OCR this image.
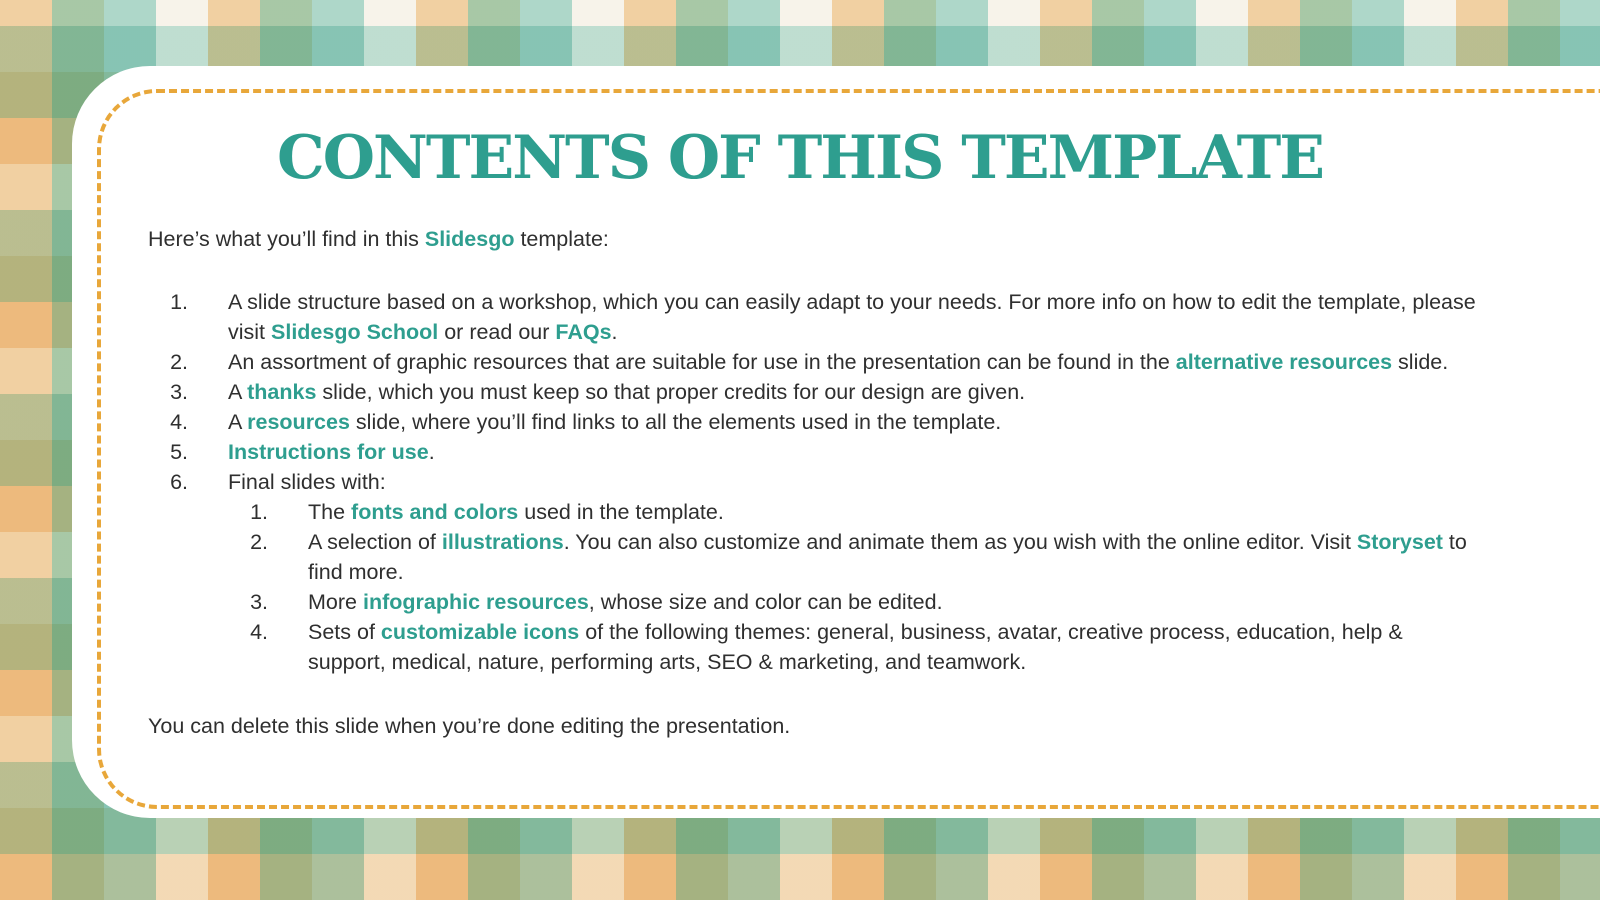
CONTENTS OF THIS TEMPLATE

Here’s what you’ll find in this Slidesgo template:

1. A slide structure based on a workshop, which you can easily adapt to your needs. For more info on how to edit the template, please visit Slidesgo School or read our FAQs.
2. An assortment of graphic resources that are suitable for use in the presentation can be found in the alternative resources slide.
3. A thanks slide, which you must keep so that proper credits for our design are given.
4. A resources slide, where you’ll find links to all the elements used in the template.
5. Instructions for use.
6. Final slides with:
1. The fonts and colors used in the template.
2. A selection of illustrations. You can also customize and animate them as you wish with the online editor. Visit Storyset to find more.
3. More infographic resources, whose size and color can be edited.
4. Sets of customizable icons of the following themes: general, business, avatar, creative process, education, help & support, medical, nature, performing arts, SEO & marketing, and teamwork.

You can delete this slide when you’re done editing the presentation.
